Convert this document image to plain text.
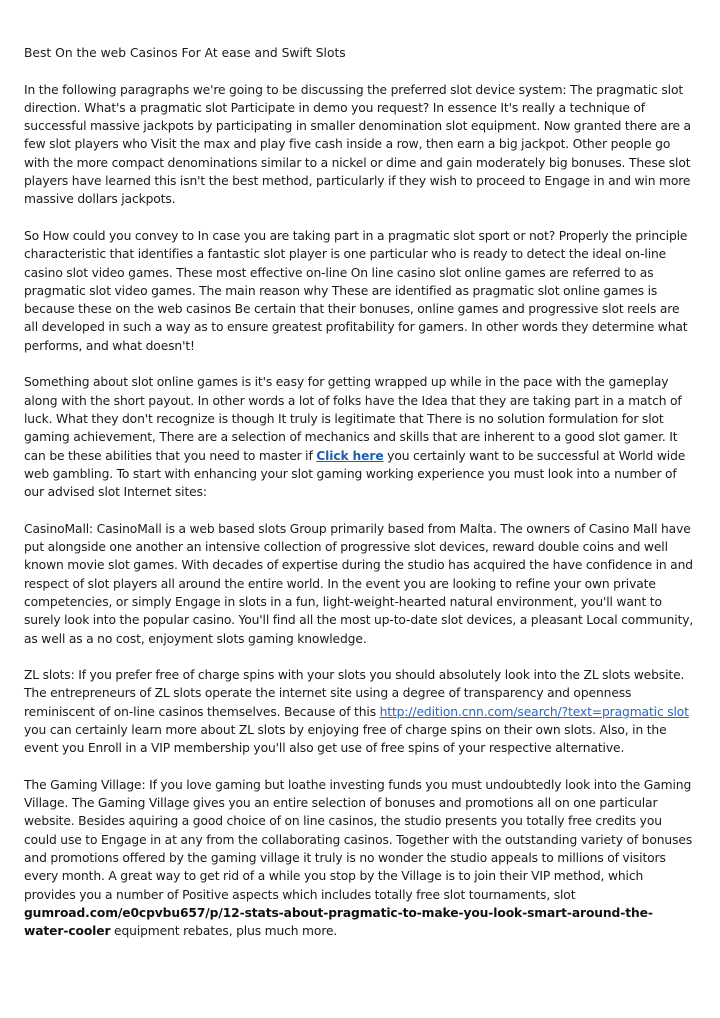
Best On the web Casinos For At ease and Swift Slots

In the following paragraphs we're going to be discussing the preferred slot device system: The pragmatic slot direction. What's a pragmatic slot Participate in demo you request? In essence It's really a technique of successful massive jackpots by participating in smaller denomination slot equipment. Now granted there are a few slot players who Visit the max and play five cash inside a row, then earn a big jackpot. Other people go with the more compact denominations similar to a nickel or dime and gain moderately big bonuses. These slot players have learned this isn't the best method, particularly if they wish to proceed to Engage in and win more massive dollars jackpots.

So How could you convey to In case you are taking part in a pragmatic slot sport or not? Properly the principle characteristic that identifies a fantastic slot player is one particular who is ready to detect the ideal on-line casino slot video games. These most effective on-line On line casino slot online games are referred to as pragmatic slot video games. The main reason why These are identified as pragmatic slot online games is because these on the web casinos Be certain that their bonuses, online games and progressive slot reels are all developed in such a way as to ensure greatest profitability for gamers. In other words they determine what performs, and what doesn't!

Something about slot online games is it's easy for getting wrapped up while in the pace with the gameplay along with the short payout. In other words a lot of folks have the Idea that they are taking part in a match of luck. What they don't recognize is though It truly is legitimate that There is no solution formulation for slot gaming achievement, There are a selection of mechanics and skills that are inherent to a good slot gamer. It can be these abilities that you need to master if Click here you certainly want to be successful at World wide web gambling. To start with enhancing your slot gaming working experience you must look into a number of our advised slot Internet sites:

CasinoMall: CasinoMall is a web based slots Group primarily based from Malta. The owners of Casino Mall have put alongside one another an intensive collection of progressive slot devices, reward double coins and well known movie slot games. With decades of expertise during the studio has acquired the have confidence in and respect of slot players all around the entire world. In the event you are looking to refine your own private competencies, or simply Engage in slots in a fun, light-weight-hearted natural environment, you'll want to surely look into the popular casino. You'll find all the most up-to-date slot devices, a pleasant Local community, as well as a no cost, enjoyment slots gaming knowledge.

ZL slots: If you prefer free of charge spins with your slots you should absolutely look into the ZL slots website. The entrepreneurs of ZL slots operate the internet site using a degree of transparency and openness reminiscent of on-line casinos themselves. Because of this http://edition.cnn.com/search/?text=pragmatic slot you can certainly learn more about ZL slots by enjoying free of charge spins on their own slots. Also, in the event you Enroll in a VIP membership you'll also get use of free spins of your respective alternative.

The Gaming Village: If you love gaming but loathe investing funds you must undoubtedly look into the Gaming Village. The Gaming Village gives you an entire selection of bonuses and promotions all on one particular website. Besides aquiring a good choice of on line casinos, the studio presents you totally free credits you could use to Engage in at any from the collaborating casinos. Together with the outstanding variety of bonuses and promotions offered by the gaming village it truly is no wonder the studio appeals to millions of visitors every month. A great way to get rid of a while you stop by the Village is to join their VIP method, which provides you a number of Positive aspects which includes totally free slot tournaments, slot gumroad.com/e0cpvbu657/p/12-stats-about-pragmatic-to-make-you-look-smart-around-the-water-cooler equipment rebates, plus much more.
